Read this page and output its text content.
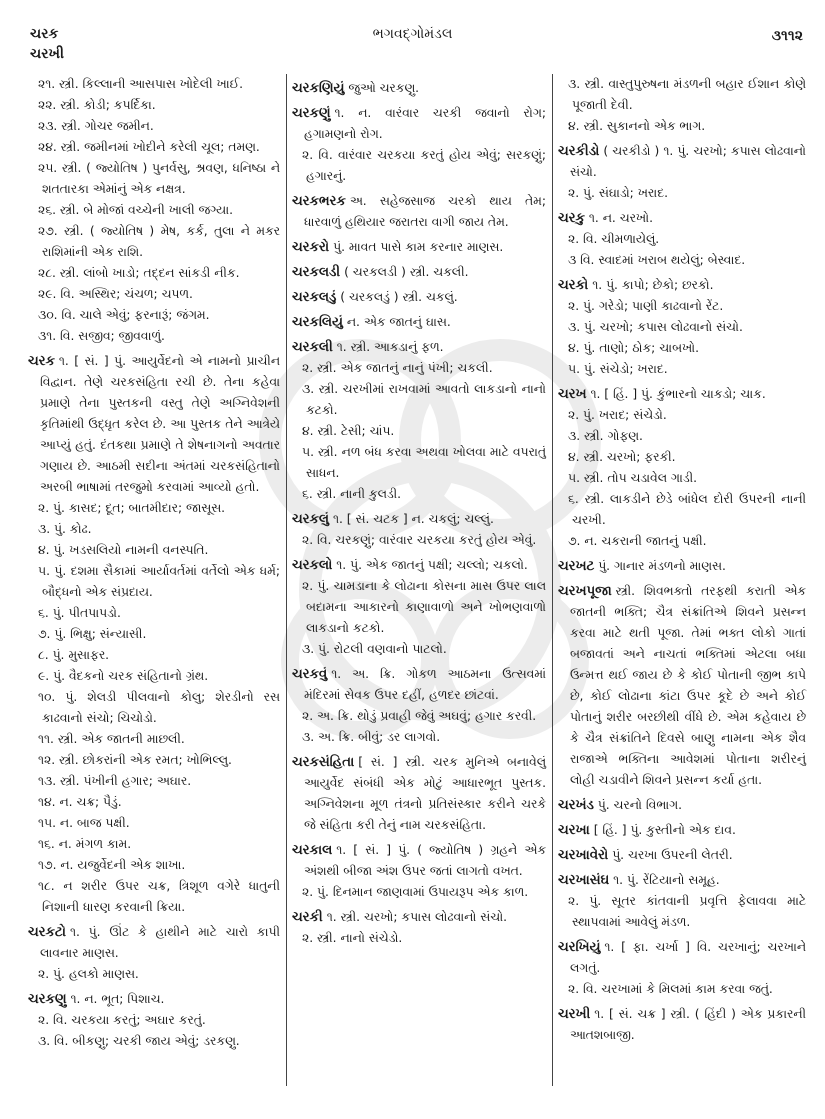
ભગવદ્ગોમંડલ
ચરક
ચરખી
૩૧૧૨
૨૧. સ્ત્રી. કિલ્લાની આસપાસ ખોદેલી ખાઈ.
૨૨. સ્ત્રી. કોડી; કપર્દિકા.
૨૩. સ્ત્રી. ગોચર જમીન.
૨૪. સ્ત્રી. જમીનમાં ખોદીને કરેલી ચૂલ; તમણ.
૨૫. સ્ત્રી. ( જ્યોતિષ ) પુનર્વસુ, શ્રવણ, ધનિષ્ઠા ને શતતારકા એમાંનું એક નક્ષત્ર.
૨૬. સ્ત્રી. બે મોજાં વચ્ચેની ખાલી જગ્યા.
૨૭. સ્ત્રી. ( જ્યોતિષ ) મેષ, કર્ક, તુલા ને મકર રાશિમાંની એક રાશિ.
૨૮. સ્ત્રી. લાંબો ખાડો; તદ્દન સાંકડી નીક.
૨૯. વિ. અસ્થિર; ચંચળ; ચપળ.
૩૦. વિ. ચાલે એવું; ફરનારૂં; જંગમ.
૩૧. વિ. સજીવ; જીવવાળું.
ચરક ૧. [ સં. ] પું. આયુર્વેદનો એ નામનો પ્રાચીન વિદ્વાન. તેણે ચરકસંહિતા રચી છે. તેના કહેવા પ્રમાણે તેના પુસ્તકની વસ્તુ તેણે અગ્નિવેશની કૃતિમાંથી ઉદ્ધૃત કરેલ છે. આ પુસ્તક તેને આત્રેયે આપ્યું હતું. દંતકથા પ્રમાણે તે શેષનાગનો અવતાર ગણાય છે. આઠમી સદીના અંતમાં ચરકસંહિતાનો અરબી ભાષામાં તરજુમો કરવામાં આવ્યો હતો.
૨. પું. કાસદ; દૂત; બાતમીદાર; જાસૂસ.
૩. પું. કોઢ.
૪. પું. ખડસલિયો નામની વનસ્પતિ.
૫. પું. દશમા સૈકામાં આર્યાવર્તમાં વર્તેલો એક ધર્મ; બૌદ્ધનો એક સંપ્રદાય.
૬. પું. પીતપાપડો.
૭. પું. ભિક્ષુ; સંન્યાસી.
૮. પું. મુસાફર.
૯. પું. વૈદકનો ચરક સંહિતાનો ગ્રંથ.
૧૦. પું. શેલડી પીલવાનો કોલુ; શેરડીનો રસ કાઢવાનો સંચો; ચિચોડો.
૧૧. સ્ત્રી. એક જાતની માછલી.
૧૨. સ્ત્રી. છોકરાંની એક રમત; ખોભિલ્લુ.
૧૩. સ્ત્રી. પંખીની હગાર; અઘાર.
૧૪. ન. ચક્ર; પૈડું.
૧૫. ન. બાજ પક્ષી.
૧૬. ન. મંગળ કામ.
૧૭. ન. યજુર્વેદની એક શાખા.
૧૮. ન શરીર ઉપર ચક્ર, ત્રિશૂળ વગેરે ધાતુની નિશાની ધારણ કરવાની ક્રિયા.
ચરકટો ૧. પું. ઊંટ કે હાથીને માટે ચારો કાપી લાવનાર માણસ.
૨. પું. હલકો માણસ.
ચરકણુ ૧. ન. ભૂત; પિશાચ.
૨. વિ. ચરકયા કરતું; અઘાર કરતું.
૩. વિ. બીકણુ; ચરકી જાય એવું; ડરકણુ.
ચરકણિયું જુઓ ચરકણુ.
ચરકણું ૧. ન. વારંવાર ચરકી જવાનો રોગ; હગામણનો રોગ.
૨. વિ. વારંવાર ચરકયા કરતું હોય એવું; સરકણું; હગારનું.
ચરકભરક અ. સહેજસાજ ચરકો થાય તેમ; ધારવાળું હથિયાર જરાતરા વાગી જાય તેમ.
ચરકરો પું. માવત પાસે કામ કરનાર માણસ.
ચરકલડી ( ચરકલડી ) સ્ત્રી. ચકલી.
ચરકલડું ( ચરકલડું ) સ્ત્રી. ચકલું.
ચરકલિયું ન. એક જાતનું ઘાસ.
ચરકલી ૧. સ્ત્રી. આકડાનું ફળ.
૨. સ્ત્રી. એક જાતનું નાનું પંખી; ચકલી.
૩. સ્ત્રી. ચરખીમાં રાખવામાં આવતો લાકડાનો નાનો કટકો.
૪. સ્ત્રી. ટેસી; ચાંપ.
૫. સ્ત્રી. નળ બંધ કરવા અથવા ખોલવા માટે વપરાતું સાધન.
૬. સ્ત્રી. નાની કુલડી.
ચરકલું ૧. [ સં. ચટક ] ન. ચકલું; ચલ્લું.
૨. વિ. ચરકણું; વારંવાર ચરકયા કરતું હોય એવું.
ચરકલો ૧. પું. એક જાતનું પક્ષી; ચલ્લો; ચકલો.
૨. પું. ચામડાના કે લોઢાના કોસના માસ ઉપર લાલ બદામના આકારનો કાણાવાળો અને ખોભણવાળો લાકડાનો કટકો.
૩. પું. રોટલી વણવાનો પાટલો.
ચરકવું ૧. અ. ક્રિ. ગોકળ આઠમના ઉત્સવમાં મંદિરમાં સેવક ઉપર દહીં, હળદર છાંટવાં.
૨. અ. ક્રિ. થોડું પ્રવાહી જેવું અઘવું; હગાર કરવી.
૩. અ. ક્રિ. બીવું; ડર લાગવો.
ચરકસંહિતા [ સં. ] સ્ત્રી. ચરક મુનિએ બનાવેલું આયુર્વેદ સંબંધી એક મોટું આધારભૂત પુસ્તક. અગ્નિવેશના મૂળ તંત્રનો પ્રતિસંસ્કાર કરીને ચરકે જે સંહિતા કરી તેનું નામ ચરકસંહિતા.
ચરકાલ ૧. [ સં. ] પું. ( જ્યોતિષ ) ગ્રહને એક અંશથી બીજા અંશ ઉપર જતાં લાગતો વખત.
૨. પું. દિનમાન જાણવામાં ઉપાયરૂપ એક કાળ.
ચરકી ૧. સ્ત્રી. ચરખો; કપાસ લોઢવાનો સંચો.
૨. સ્ત્રી. નાનો સંચેડો.
૩. સ્ત્રી. વાસ્તુપુરુષના મંડળની બહાર ઈશાન કોણે પૂજાતી દેવી.
૪. સ્ત્રી. સુકાનનો એક ભાગ.
ચરકીડો ( ચરકીડો ) ૧. પું. ચરખો; કપાસ લોઢવાનો સંચો.
૨. પું. સંઘાડો; ખરાદ.
ચરકુ ૧. ન. ચરખો.
૨. વિ. ચીમળાયેલું.
૩ વિ. સ્વાદમાં ખરાબ થયેલું; બેસ્વાદ.
ચરકો ૧. પું. કાપો; છેકો; છરકો.
૨. પું. ગરેડો; પાણી કાઢવાનો રેંટ.
૩. પું. ચરખો; કપાસ લોઢવાનો સંચો.
૪. પું. તાણો; ઠોક; ચાબખો.
૫. પું. સંચેડો; ખરાદ.
ચરખ ૧. [ હિં. ] પું. કુંભારનો ચાકડો; ચાક.
૨. પું. ખરાદ; સંચેડો.
૩. સ્ત્રી. ગોફણ.
૪. સ્ત્રી. ચરખો; ફરકી.
૫. સ્ત્રી. તોપ ચડાવેલ ગાડી.
૬. સ્ત્રી. લાકડીને છેડે બાંધેલ દોરી ઉપરની નાની ચરખી.
૭. ન. ચકરાની જાતનું પક્ષી.
ચરખટ પું. ગાનાર મંડળનો માણસ.
ચરખપૂજા સ્ત્રી. શિવભક્તો તરફથી કરાતી એક જાતની ભક્તિ; ચૈત્ર સંક્રાંતિએ શિવને પ્રસન્ન કરવા માટે થતી પૂજા. તેમાં ભક્ત લોકો ગાતાં બજાવતાં અને નાચતાં ભક્તિમાં એટલા બધા ઉન્મત્ત થઈ જાય છે કે કોઈ પોતાની જીભ કાપે છે, કોઈ લોઢાના કાંટા ઉપર કૂદે છે અને કોઈ પોતાનું શરીર બરછીથી વીંધે છે. એમ કહેવાય છે કે ચૈત્ર સંક્રાંતિને દિવસે બાણુ નામના એક શૈવ રાજાએ ભક્તિના આવેશમાં પોતાના શરીરનું લોહી ચડાવીને શિવને પ્રસન્ન કર્યા હતા.
ચરખંડ પું. ચરનો વિભાગ.
ચરખા [ હિં. ] પું. કુસ્તીનો એક દાવ.
ચરખાવેરો પું. ચરખા ઉપરની લેતરી.
ચરખાસંઘ ૧. પું. રેંટિયાનો સમૂહ.
૨. પું. સૂતર કાંતવાની પ્રવૃત્તિ ફેલાવવા માટે સ્થાપવામાં આવેલું મંડળ.
ચરખિયું ૧. [ ફા. ચર્ખા ] વિ. ચરખાનું; ચરખાને લગતું.
૨. વિ. ચરખામાં કે મિલમાં કામ કરવા જતું.
ચરખી ૧. [ સં. ચક્ર ] સ્ત્રી. ( હિંદી ) એક પ્રકારની આતશબાજી.
